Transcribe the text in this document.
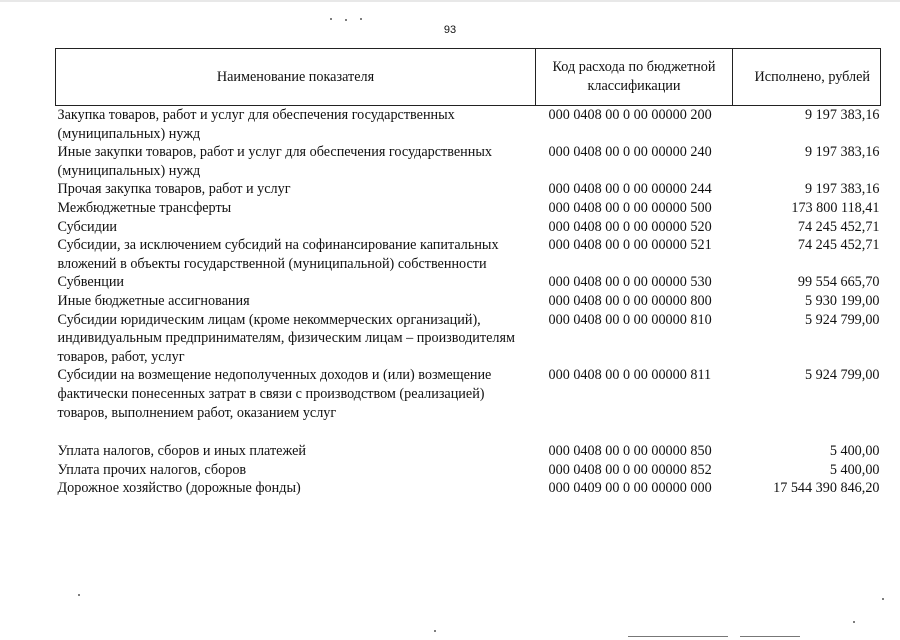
93
Наименование показателя	Код расхода по бюджетной классификации	Исполнено, рублей
Закупка товаров, работ и услуг для обеспечения государственных (муниципальных) нужд	000 0408 00 0 00 00000 200	9 197 383,16
Иные закупки товаров, работ и услуг для обеспечения государственных (муниципальных) нужд	000 0408 00 0 00 00000 240	9 197 383,16
Прочая закупка товаров, работ и услуг	000 0408 00 0 00 00000 244	9 197 383,16
Межбюджетные трансферты	000 0408 00 0 00 00000 500	173 800 118,41
Субсидии	000 0408 00 0 00 00000 520	74 245 452,71
Субсидии, за исключением субсидий на софинансирование капитальных вложений в объекты государственной (муниципальной) собственности	000 0408 00 0 00 00000 521	74 245 452,71
Субвенции	000 0408 00 0 00 00000 530	99 554 665,70
Иные бюджетные ассигнования	000 0408 00 0 00 00000 800	5 930 199,00
Субсидии юридическим лицам (кроме некоммерческих организаций), индивидуальным предпринимателям, физическим лицам – производителям товаров, работ, услуг	000 0408 00 0 00 00000 810	5 924 799,00
Субсидии на возмещение недополученных доходов и (или) возмещение фактически понесенных затрат в связи с производством (реализацией) товаров, выполнением работ, оказанием услуг	000 0408 00 0 00 00000 811	5 924 799,00

Уплата налогов, сборов и иных платежей	000 0408 00 0 00 00000 850	5 400,00
Уплата прочих налогов, сборов	000 0408 00 0 00 00000 852	5 400,00
Дорожное хозяйство (дорожные фонды)	000 0409 00 0 00 00000 000	17 544 390 846,20
